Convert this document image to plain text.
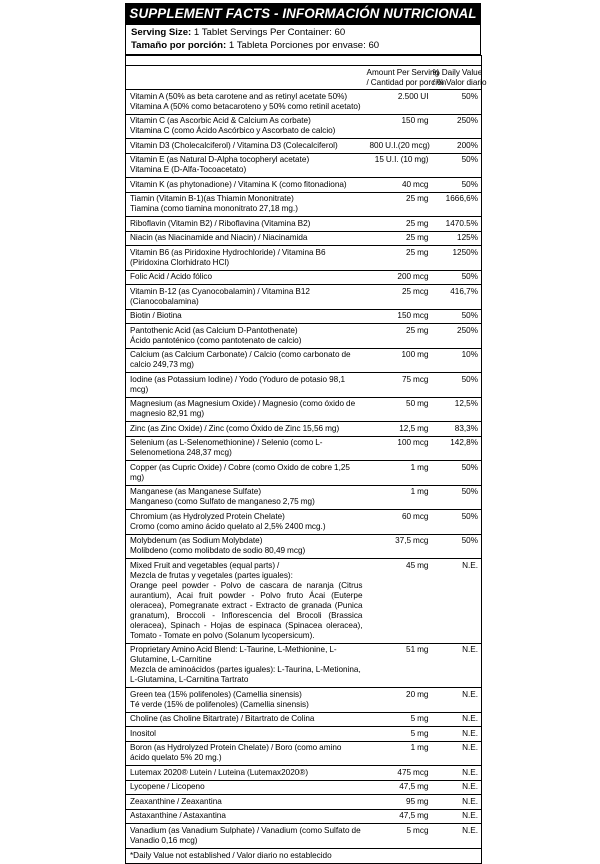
SUPPLEMENT FACTS - INFORMACIÓN NUTRICIONAL
Serving Size: 1 Tablet Servings Per Container: 60
Tamaño por porción: 1 Tableta Porciones por envase: 60

	Amount Per Serving
/ Cantidad por porción	% Daily Value
/ % Valor diario

Vitamin A (50% as beta carotene and as retinyl acetate 50%)
Vitamina A (50% como betacaroteno y 50% como retinil acetato)	2.500 UI	50%
Vitamin C (as Ascorbic Acid & Calcium As corbate)
Vitamina C (como Ácido Ascórbico y Ascorbato de calcio)	150 mg	250%
Vitamin D3 (Cholecalciferol) / Vitamina D3 (Colecalciferol)	800 U.I.(20 mcg)	200%
Vitamin E (as Natural D-Alpha tocopheryl acetate)
Vitamina E (D-Alfa-Tocoacetato)	15 U.I. (10 mg)	50%
Vitamin K (as phytonadione) / Vitamina K (como fitonadiona)	40 mcg	50%
Tiamin (Vitamin B-1)(as Thiamin Mononitrate)
Tiamina (como tiamina mononitrato 27,18 mg.)	25 mg	1666,6%
Riboflavin (Vitamin B2) / Riboflavina (Vitamina B2)	25 mg	1470.5%
Niacin (as Niacinamide and Niacin) / Niacinamida	25 mg	125%
Vitamin B6 (as Piridoxine Hydrochloride) / Vitamina B6 (Piridoxina Clorhidrato HCl)	25 mg	1250%
Folic Acid / Acido fólico	200 mcg	50%
Vitamin B-12 (as Cyanocobalamin) / Vitamina B12 (Cianocobalamina)	25 mcg	416,7%
Biotin / Biotina	150 mcg	50%
Pantothenic Acid (as Calcium D-Pantothenate)
Ácido pantoténico (como pantotenato de calcio)	25 mg	250%
Calcium (as Calcium Carbonate) / Calcio (como carbonato de calcio 249,73 mg)	100 mg	10%
Iodine (as Potassium Iodine) / Yodo (Yoduro de potasio 98,1 mcg)	75 mcg	50%
Magnesium (as Magnesium Oxide) / Magnesio (como óxido de magnesio 82,91 mg)	50 mg	12,5%
Zinc (as Zinc Oxide) / Zinc (como Óxido de Zinc 15,56 mg)	12,5 mg	83,3%
Selenium (as L-Selenomethionine) / Selenio (como L-Selenometiona 248,37 mcg)	100 mcg	142,8%
Copper (as Cupric Oxide) / Cobre (como Oxido de cobre 1,25 mg)	1 mg	50%
Manganese (as Manganese Sulfate)
Manganeso (como Sulfato de manganeso 2,75 mg)	1 mg	50%
Chromium (as Hydrolyzed Protein Chelate)
Cromo (como amino ácido quelato al 2,5% 2400 mcg.)	60 mcg	50%
Molybdenum (as Sodium Molybdate)
Molibdeno (como molibdato de sodio 80,49 mcg)	37,5 mcg	50%
Mixed Fruit and vegetables (equal parts) /
Mezcla de frutas y vegetales (partes iguales):
Orange peel powder - Polvo de cascara de naranja (Citrus aurantium), Acai fruit powder - Polvo fruto Ácai (Euterpe oleracea), Pomegranate extract - Extracto de granada (Punica granatum), Broccoli - Inflorescencia del Brocoli (Brassica oleracea), Spinach - Hojas de espinaca (Spinacea oleracea), Tomato - Tomate en polvo (Solanum lycopersicum).	45 mg	N.E.
Proprietary Amino Acid Blend: L-Taurine, L-Methionine, L-Glutamine, L-Carnitine
Mezcla de aminoácidos (partes iguales): L-Taurina, L-Metionina, L-Glutamina, L-Carnitina Tartrato	51 mg	N.E.
Green tea (15% polifenoles) (Camellia sinensis)
Té verde (15% de polifenoles) (Camellia sinensis)	20 mg	N.E.
Choline (as Choline Bitartrate) / Bitartrato de Colina	5 mg	N.E.
Inositol	5 mg	N.E.
Boron (as Hydrolyzed Protein Chelate) / Boro (como amino ácido quelato 5% 20 mg.)	1 mg	N.E.
Lutemax 2020® Lutein / Luteina (Lutemax2020®)	475 mcg	N.E.
Lycopene / Licopeno	47,5 mg	N.E.
Zeaxanthine / Zeaxantina	95 mg	N.E.
Astaxanthine / Astaxantina	47,5 mg	N.E.
Vanadium (as Vanadium Sulphate) / Vanadium (como Sulfato de Vanadio 0,16 mcg)	5 mcg	N.E.
*Daily Value not established / Valor diario no establecido		
